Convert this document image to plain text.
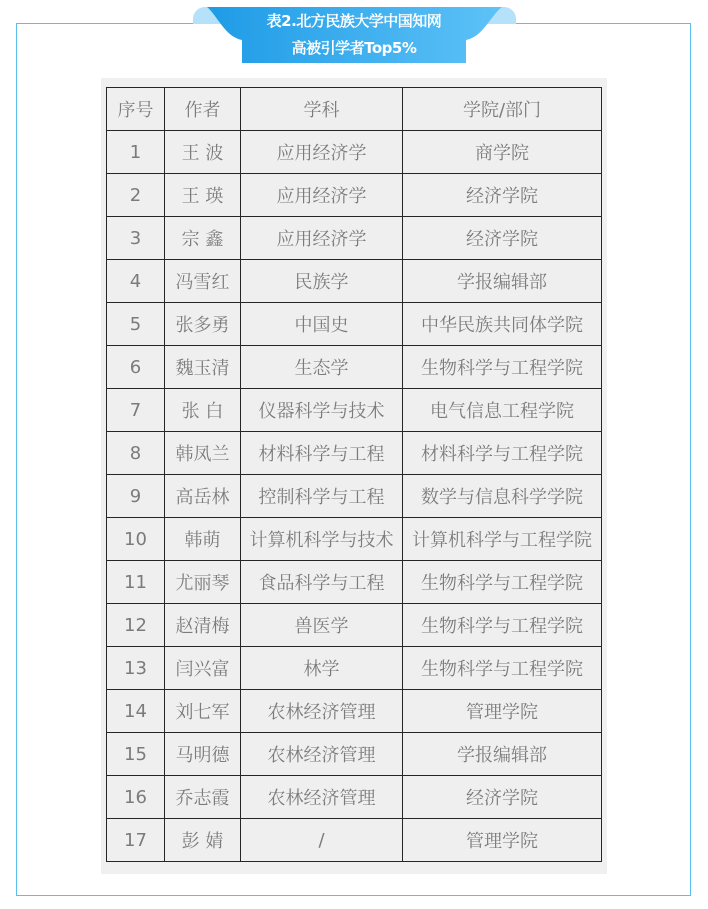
表2.北方民族大学中国知网
高被引学者Top5%
序号	作者	学科	学院/部门
1	王 波	应用经济学	商学院
2	王 瑛	应用经济学	经济学院
3	宗 鑫	应用经济学	经济学院
4	冯雪红	民族学	学报编辑部
5	张多勇	中国史	中华民族共同体学院
6	魏玉清	生态学	生物科学与工程学院
7	张 白	仪器科学与技术	电气信息工程学院
8	韩凤兰	材料科学与工程	材料科学与工程学院
9	高岳林	控制科学与工程	数学与信息科学学院
10	韩萌	计算机科学与技术	计算机科学与工程学院
11	尤丽琴	食品科学与工程	生物科学与工程学院
12	赵清梅	兽医学	生物科学与工程学院
13	闫兴富	林学	生物科学与工程学院
14	刘七军	农林经济管理	管理学院
15	马明德	农林经济管理	学报编辑部
16	乔志霞	农林经济管理	经济学院
17	彭 婧	/	管理学院
